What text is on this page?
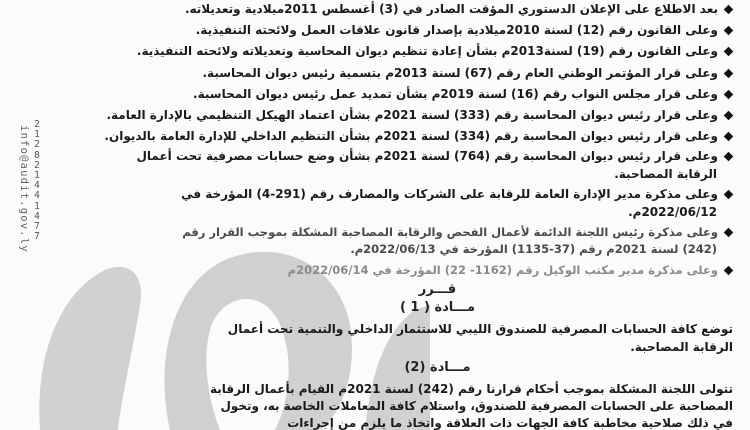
info@audit.gov.ly
2
1
2
8
2
1
4
4
1
4
7
7
بعد الاطلاع على الإعلان الدستوري المؤقت الصادر في (3) أغسطس 2011ميلادية وتعديلاته.
وعلى القانون رقم (12) لسنة 2010ميلادية بإصدار قانون علاقات العمل ولائحته التنفيذية.
وعلى القانون رقم (19) لسنة2013م بشأن إعادة تنظيم ديوان المحاسبة وتعديلاته ولائحته التنفيذية.
وعلى قرار المؤتمر الوطني العام رقم (67) لسنة 2013م بتسمية رئيس ديوان المحاسبة.
وعلى قرار مجلس النواب رقم (16) لسنة 2019م بشأن تمديد عمل رئيس ديوان المحاسبة.
وعلى قرار رئيس ديوان المحاسبة رقم (333) لسنة 2021م بشأن اعتماد الهيكل التنظيمي بالإدارة العامة.
وعلى قرار رئيس ديوان المحاسبة رقم (334) لسنة 2021م بشأن التنظيم الداخلي للإدارة العامة بالديوان.
وعلى قرار رئيس ديوان المحاسبة رقم (764) لسنة 2021م بشأن وضع حسابات مصرفية تحت أعمال
الرقابة المصاحبة.
وعلى مذكرة مدير الإدارة العامة للرقابة على الشركات والمصارف رقم (291-4) المؤرخة في
2022/06/12م.
وعلى مذكرة رئيس اللجنة الدائمة لأعمال الفحص والرقابة المصاحبة المشكلة بموجب القرار رقم
(242) لسنة 2021م رقم (37-1135) المؤرخة في 2022/06/13م.
وعلى مذكرة مدير مكتب الوكيل رقم (1162- 22) المؤرخة في 2022/06/14م
قـــرر
مـــادة ( 1 )
توضع كافة الحسابات المصرفية للصندوق الليبي للاستثمار الداخلي والتنمية تحت أعمال
الرقابة المصاحبة.
مـــادة (2)
تتولى اللجنة المشكلة بموجب أحكام قرارنا رقم (242) لسنة 2021م القيام بأعمال الرقابة
المصاحبة على الحسابات المصرفية للصندوق، واستلام كافة المعاملات الخاصة به، وتخول
في ذلك صلاحية مخاطبة كافة الجهات ذات العلاقة واتخاذ ما يلزم من إجراءات
